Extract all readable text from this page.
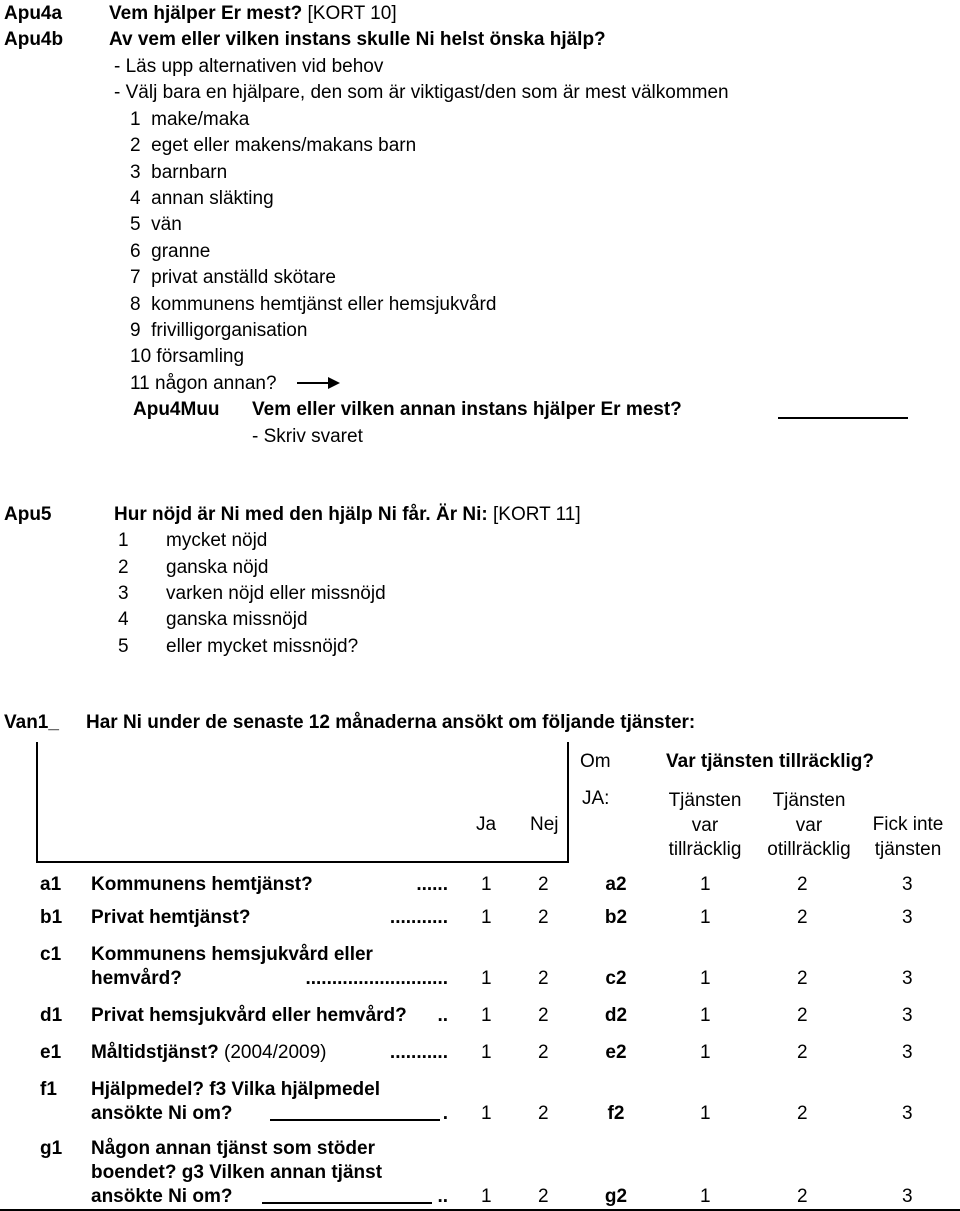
Apu4a Vem hjälper Er mest? [KORT 10]
Apu4b Av vem eller vilken instans skulle Ni helst önska hjälp?
- Läs upp alternativen vid behov
- Välj bara en hjälpare, den som är viktigast/den som är mest välkommen
1  make/maka
2  eget eller makens/makans barn
3  barnbarn
4  annan släkting
5  vän
6  granne
7  privat anställd skötare
8  kommunens hemtjänst eller hemsjukvård
9  frivilligorganisation
10 församling
11 någon annan?
Apu4Muu Vem eller vilken annan instans hjälper Er mest?
- Skriv svaret
Apu5	Hur nöjd är Ni med den hjälp Ni får. Är Ni: [KORT 11]
1 mycket nöjd
2 ganska nöjd
3 varken nöjd eller missnöjd
4 ganska missnöjd
5 eller mycket missnöjd?
Van1_ Har Ni under de senaste 12 månaderna ansökt om följande tjänster:
Om	Var tjänsten tillräcklig?
JA:
Ja Nej
Tjänsten
var
tillräcklig
Tjänsten
var
otillräcklig
Fick inte
tjänsten
a1 Kommunens hemtjänst?	...... 1 2	a2	1	2	3
b1 Privat hemtjänst?	........... 1 2	b2	1	2	3
c1 Kommunens hemsjukvård eller
hemvård?	........................... 1 2	c2	1	2	3
d1 Privat hemsjukvård eller hemvård?	.. 1 2	d2	1	2	3
e1 Måltidstjänst? (2004/2009)	........... 1 2	e2	1	2	3
f1 Hjälpmedel? f3 Vilka hjälpmedel
ansökte Ni om?	. 1 2	f2	1	2	3
g1 Någon annan tjänst som stöder
boendet? g3 Vilken annan tjänst
ansökte Ni om?	.. 1 2	g2	1	2	3
